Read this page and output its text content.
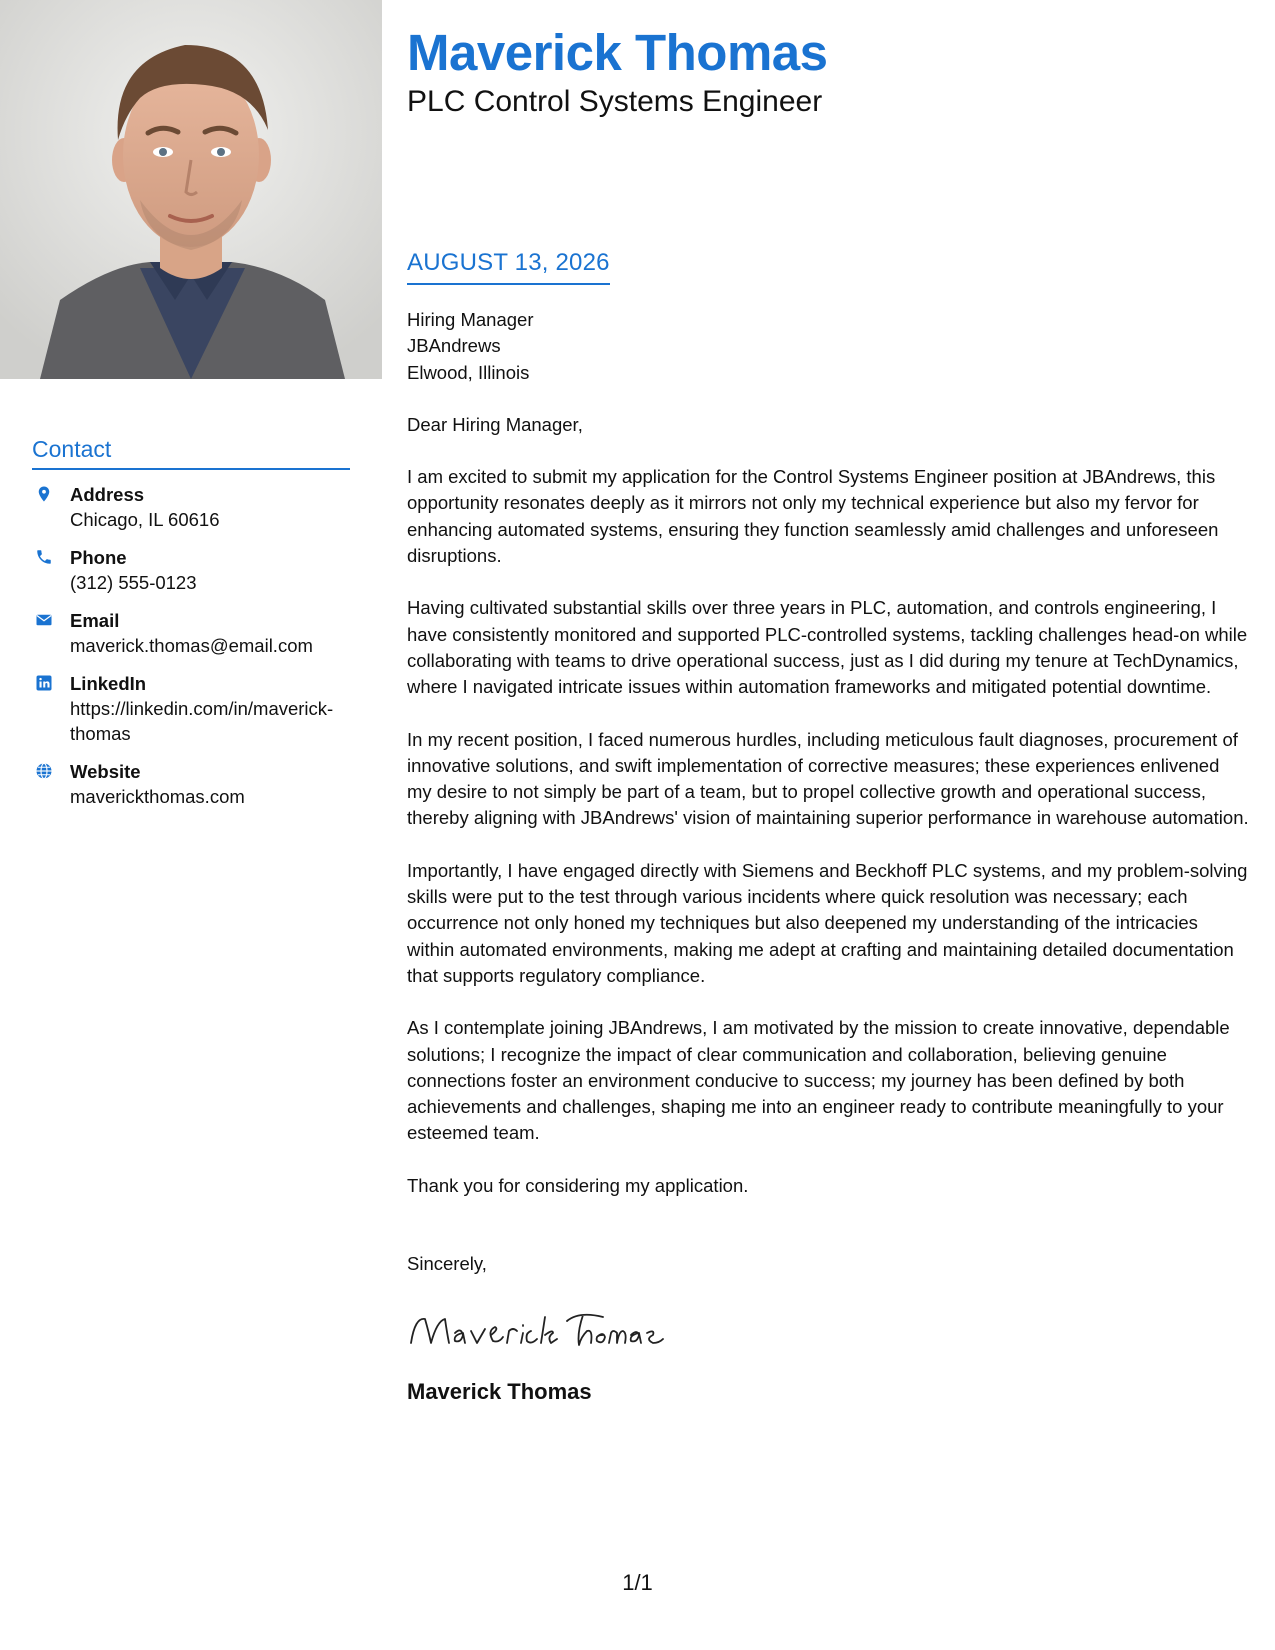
Contact
Address
Chicago, IL 60616
Phone
(312) 555-0123
Email
maverick.thomas@email.com
LinkedIn
https://linkedin.com/in/maverick-thomas
Website
maverickthomas.com
Maverick Thomas
PLC Control Systems Engineer
AUGUST 13, 2026

Hiring Manager

JBAndrews

Elwood, Illinois

Dear Hiring Manager,

I am excited to submit my application for the Control Systems Engineer position at JBAndrews, this opportunity resonates deeply as it mirrors not only my technical experience but also my fervor for enhancing automated systems, ensuring they function seamlessly amid challenges and unforeseen disruptions.

Having cultivated substantial skills over three years in PLC, automation, and controls engineering, I have consistently monitored and supported PLC-controlled systems, tackling challenges head-on while collaborating with teams to drive operational success, just as I did during my tenure at TechDynamics, where I navigated intricate issues within automation frameworks and mitigated potential downtime.

In my recent position, I faced numerous hurdles, including meticulous fault diagnoses, procurement of innovative solutions, and swift implementation of corrective measures; these experiences enlivened my desire to not simply be part of a team, but to propel collective growth and operational success, thereby aligning with JBAndrews' vision of maintaining superior performance in warehouse automation.

Importantly, I have engaged directly with Siemens and Beckhoff PLC systems, and my problem-solving skills were put to the test through various incidents where quick resolution was necessary; each occurrence not only honed my techniques but also deepened my understanding of the intricacies within automated environments, making me adept at crafting and maintaining detailed documentation that supports regulatory compliance.

As I contemplate joining JBAndrews, I am motivated by the mission to create innovative, dependable solutions; I recognize the impact of clear communication and collaboration, believing genuine connections foster an environment conducive to success; my journey has been defined by both achievements and challenges, shaping me into an engineer ready to contribute meaningfully to your esteemed team.

Thank you for considering my application.

Sincerely,

Maverick Thomas
1/1
